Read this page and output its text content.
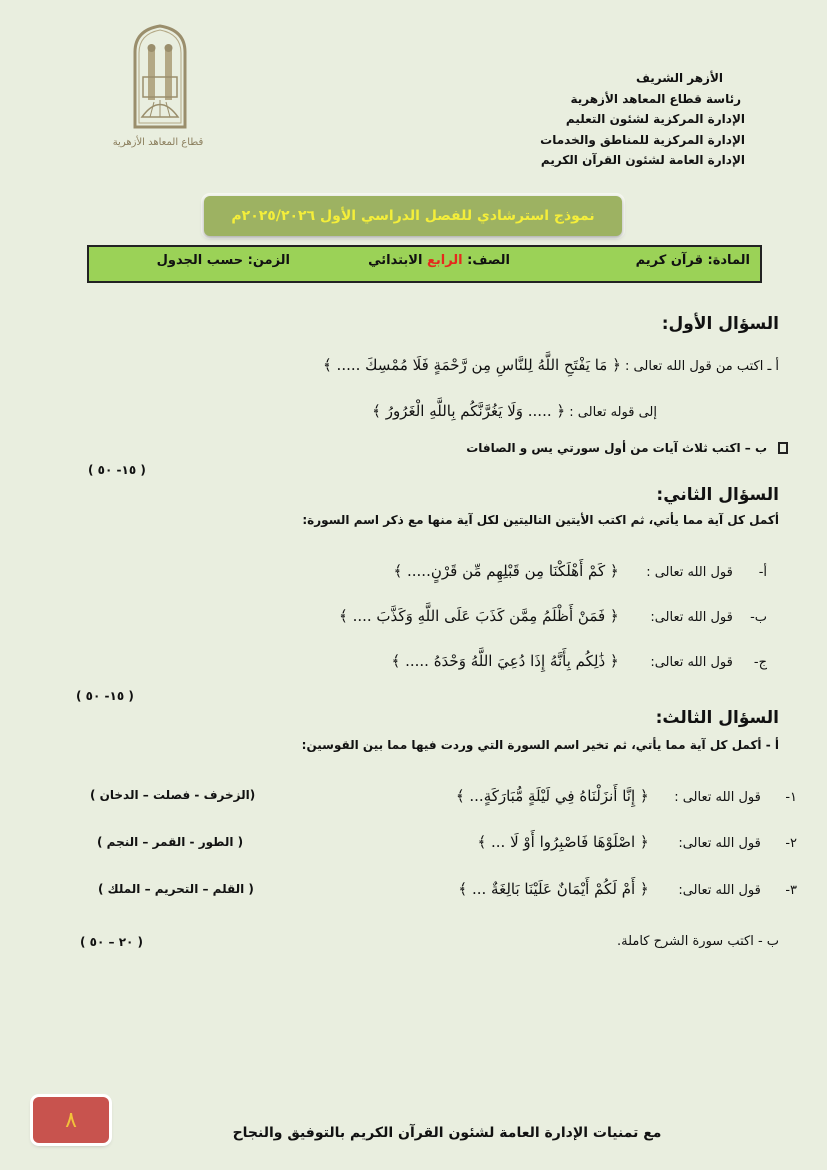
الأزهر الشريف
رئاسة قطاع المعاهد الأزهرية
الإدارة المركزية لشئون التعليم
الإدارة المركزية للمناطق والخدمات
الإدارة العامة لشئون القرآن الكريم
قطاع المعاهد الأزهرية
نموذج استرشادي للفصل الدراسي الأول ٢٠٢٥/٢٠٢٦م
المادة: قرآن كريم
الصف: الرابع الابتدائي
الزمن: حسب الجدول
السؤال الأول:
أ ـ اكتب من قول الله تعالى : ﴿ مَا يَفْتَحِ اللَّهُ لِلنَّاسِ مِن رَّحْمَةٍ فَلَا مُمْسِكَ ..... ﴾
إلى قوله تعالى : ﴿ ..... وَلَا يَغُرَّنَّكُم بِاللَّهِ الْغَرُورُ ﴾
ب – اكتب ثلاث آيات من أول سورتي يس و الصافات
( ١٥- ٥٠ )
السؤال الثاني:
أكمل كل آية مما يأتي، ثم اكتب الأيتين التاليتين لكل آية منها مع ذكر اسم السورة:
أ- قول الله تعالى : ﴿ كَمْ أَهْلَكْنَا مِن قَبْلِهِم مِّن قَرْنٍ..... ﴾
ب- قول الله تعالى: ﴿ فَمَنْ أَظْلَمُ مِمَّن كَذَبَ عَلَى اللَّهِ وَكَذَّبَ .... ﴾
ج- قول الله تعالى: ﴿ ذَٰلِكُم بِأَنَّهُ إِذَا دُعِيَ اللَّهُ وَحْدَهُ ..... ﴾
( ١٥- ٥٠ )
السؤال الثالث:
أ - أكمل كل آية مما يأتي، ثم تخير اسم السورة التي وردت فيها مما بين القوسين:
١- قول الله تعالى : ﴿ إِنَّا أَنزَلْنَاهُ فِي لَيْلَةٍ مُّبَارَكَةٍ... ﴾
(الزخرف - فصلت – الدخان )
٢- قول الله تعالى: ﴿ اصْلَوْهَا فَاصْبِرُوا أَوْ لَا ... ﴾
( الطور - القمر – النجم )
٣- قول الله تعالى: ﴿ أَمْ لَكُمْ أَيْمَانٌ عَلَيْنَا بَالِغَةٌ ... ﴾
( القلم – التحريم – الملك )
ب - اكتب سورة الشرح كاملة.
( ٢٠ – ٥٠ )
٨
مع تمنيات الإدارة العامة لشئون القرآن الكريم بالتوفيق والنجاح
